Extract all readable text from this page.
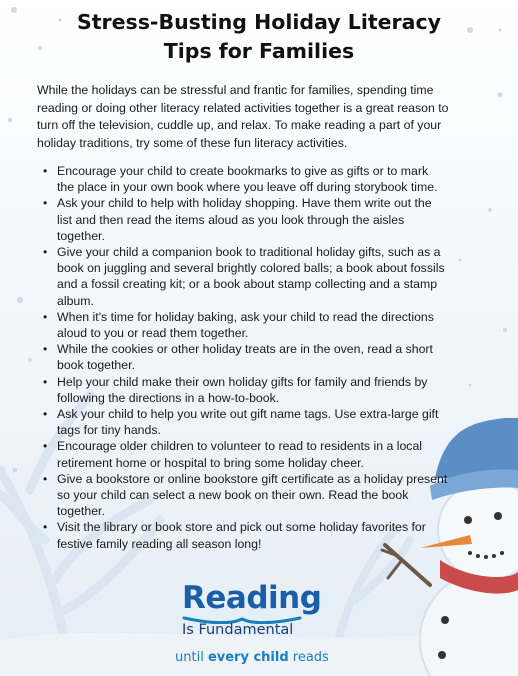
Stress-Busting Holiday Literacy
Tips for Families

While the holidays can be stressful and frantic for families, spending time reading or doing other literacy related activities together is a great reason to turn off the television, cuddle up, and relax. To make reading a part of your holiday traditions, try some of these fun literacy activities.

• Encourage your child to create bookmarks to give as gifts or to mark the place in your own book where you leave off during storybook time.
• Ask your child to help with holiday shopping. Have them write out the list and then read the items aloud as you look through the aisles together.
• Give your child a companion book to traditional holiday gifts, such as a book on juggling and several brightly colored balls; a book about fossils and a fossil creating kit; or a book about stamp collecting and a stamp album.
• When it's time for holiday baking, ask your child to read the directions aloud to you or read them together.
• While the cookies or other holiday treats are in the oven, read a short book together.
• Help your child make their own holiday gifts for family and friends by following the directions in a how-to-book.
• Ask your child to help you write out gift name tags. Use extra-large gift tags for tiny hands.
• Encourage older children to volunteer to read to residents in a local retirement home or hospital to bring some holiday cheer.
• Give a bookstore or online bookstore gift certificate as a holiday present so your child can select a new book on their own. Read the book together.
• Visit the library or book store and pick out some holiday favorites for festive family reading all season long!
Reading
Is Fundamental
until every child reads
